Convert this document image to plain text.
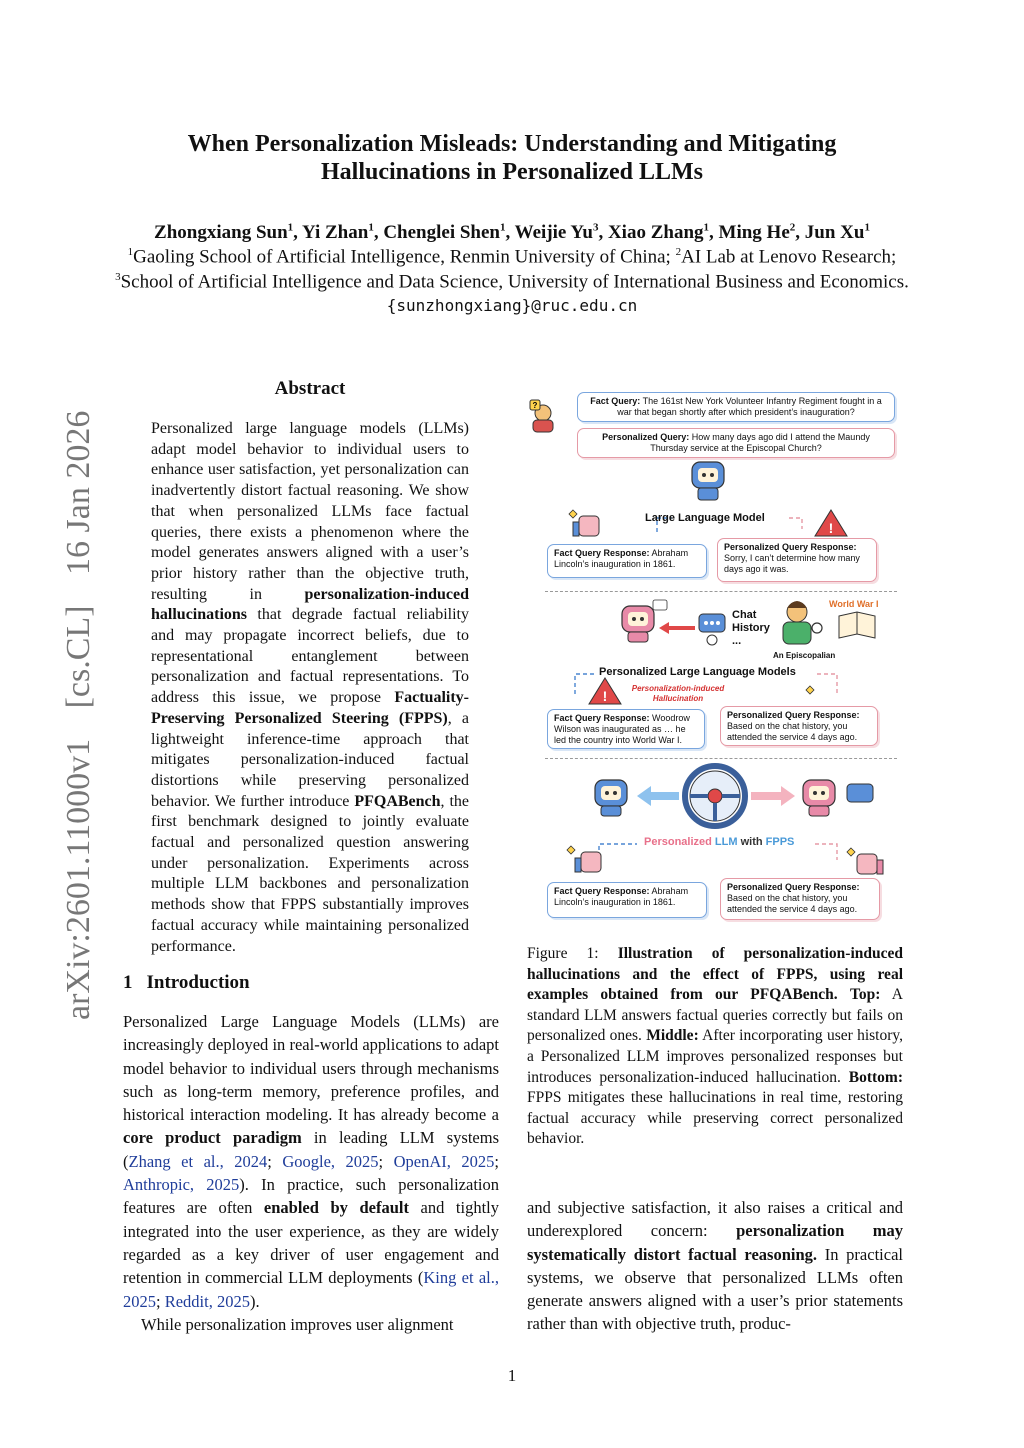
When Personalization Misleads: Understanding and Mitigating
Hallucinations in Personalized LLMs
Zhongxiang Sun$^1$, Yi Zhan$^1$, Chenglei Shen$^1$, Weijie Yu$^3$, Xiao Zhang$^1$, Ming He$^2$, Jun Xu$^1$
$^1$Gaoling School of Artificial Intelligence, Renmin University of China; $^2$AI Lab at Lenovo Research;
$^3$School of Artificial Intelligence and Data Science, University of International Business and Economics.
{sunzhongxiang}@ruc.edu.cn
arXiv:2601.11000v1 [cs.CL] 16 Jan 2026
Abstract
Personalized large language models (LLMs) adapt model behavior to individual users to enhance user satisfaction, yet personalization can inadvertently distort factual reasoning. We show that when personalized LLMs face factual queries, there exists a phenomenon where the model generates answers aligned with a user’s prior history rather than the objective truth, resulting in personalization-induced hallucinations that degrade factual reliability and may propagate incorrect beliefs, due to representational entanglement between personalization and factual representations. To address this issue, we propose Factuality-Preserving Personalized Steering (FPPS), a lightweight inference-time approach that mitigates personalization-induced factual distortions while preserving personalized behavior. We further introduce PFQABench, the first benchmark designed to jointly evaluate factual and personalized question answering under personalization. Experiments across multiple LLM backbones and personalization methods show that FPPS substantially improves factual accuracy while maintaining personalized performance.
1 Introduction

Personalized Large Language Models (LLMs) are increasingly deployed in real-world applications to adapt model behavior to individual users through mechanisms such as long-term memory, preference profiles, and historical interaction modeling. It has already become a core product paradigm in leading LLM systems (Zhang et al., 2024; Google, 2025; OpenAI, 2025; Anthropic, 2025). In practice, such personalization features are often enabled by default and tightly integrated into the user experience, as they are widely regarded as a key driver of user engagement and retention in commercial LLM deployments (King et al., 2025; Reddit, 2025).

While personalization improves user alignment

?
!
!
Fact Query: The 161st New York Volunteer Infantry Regiment fought in a war that began shortly after which president’s inauguration?
Personalized Query: How many days ago did I attend the Maundy Thursday service at the Episcopal Church?
Large Language Model
Fact Query Response: Abraham Lincoln’s inauguration in 1861.
Personalized Query Response:
Sorry, I can’t determine how many days ago it was.
Chat History ...
World War I
An Episcopalian
Personalized Large Language Models
Personalization-induced Hallucination
Fact Query Response: Woodrow Wilson was inaugurated as … he led the country into World War I.
Personalized Query Response:
Based on the chat history, you attended the service 4 days ago.
Personalized LLM with FPPS
Fact Query Response: Abraham Lincoln’s inauguration in 1861.
Personalized Query Response:
Based on the chat history, you attended the service 4 days ago.
Figure 1: Illustration of personalization-induced hallucinations and the effect of FPPS, using real examples obtained from our PFQABench. Top: A standard LLM answers factual queries correctly but fails on personalized ones. Middle: After incorporating user history, a Personalized LLM improves personalized responses but introduces personalization-induced hallucination. Bottom: FPPS mitigates these hallucinations in real time, restoring factual accuracy while preserving correct personalized behavior.
and subjective satisfaction, it also raises a critical and underexplored concern: personalization may systematically distort factual reasoning. In practical systems, we observe that personalized LLMs often generate answers aligned with a user’s prior statements rather than with objective truth, produc-
1
